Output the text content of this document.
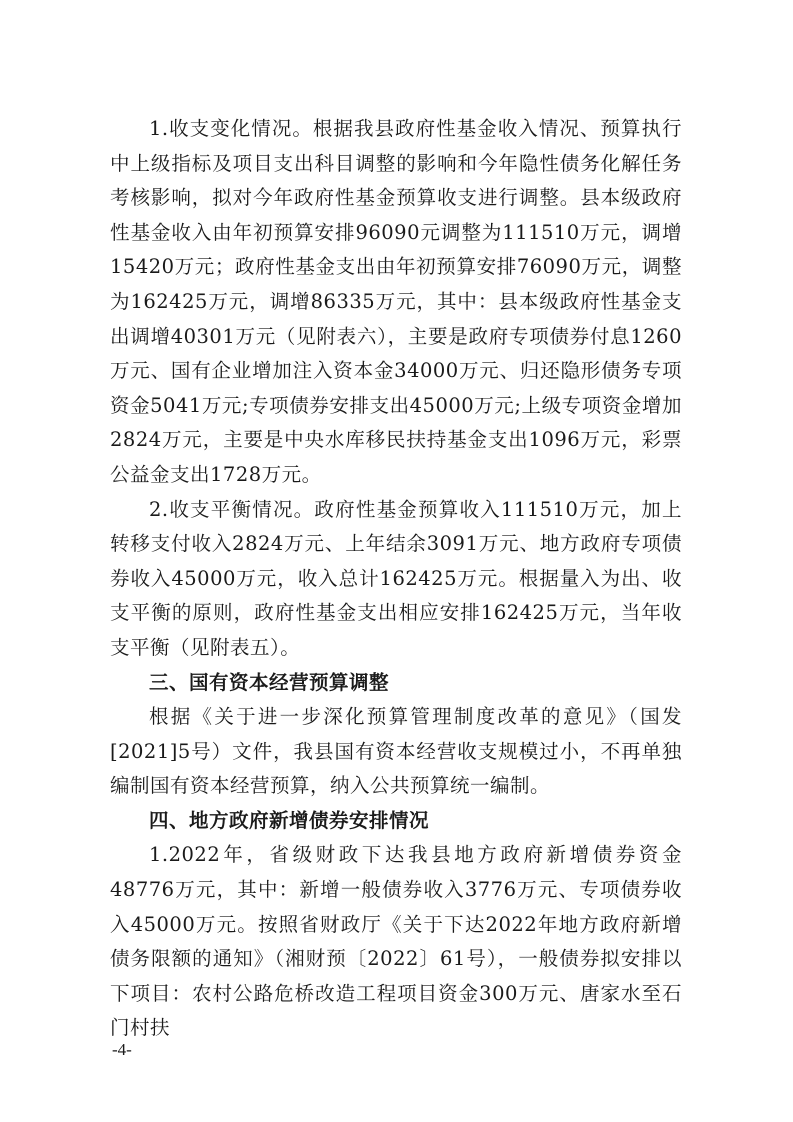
1.收支变化情况。根据我县政府性基金收入情况、预算执行中上级指标及项目支出科目调整的影响和今年隐性债务化解任务考核影响，拟对今年政府性基金预算收支进行调整。县本级政府性基金收入由年初预算安排96090元调整为111510万元，调增15420万元；政府性基金支出由年初预算安排76090万元，调整为162425万元，调增86335万元，其中：县本级政府性基金支出调增40301万元（见附表六），主要是政府专项债券付息1260万元、国有企业增加注入资本金34000万元、归还隐形债务专项资金5041万元;专项债券安排支出45000万元;上级专项资金增加2824万元，主要是中央水库移民扶持基金支出1096万元，彩票公益金支出1728万元。

2.收支平衡情况。政府性基金预算收入111510万元，加上转移支付收入2824万元、上年结余3091万元、地方政府专项债券收入45000万元，收入总计162425万元。根据量入为出、收支平衡的原则，政府性基金支出相应安排162425万元，当年收支平衡（见附表五）。

三、国有资本经营预算调整

根据《关于进一步深化预算管理制度改革的意见》（国发[2021]5号）文件，我县国有资本经营收支规模过小，不再单独编制国有资本经营预算，纳入公共预算统一编制。

四、地方政府新增债券安排情况

1.2022年，省级财政下达我县地方政府新增债券资金48776万元，其中：新增一般债券收入3776万元、专项债券收入45000万元。按照省财政厅《关于下达2022年地方政府新增债务限额的通知》（湘财预〔2022〕61号），一般债券拟安排以下项目：农村公路危桥改造工程项目资金300万元、唐家水至石门村扶

-4-
